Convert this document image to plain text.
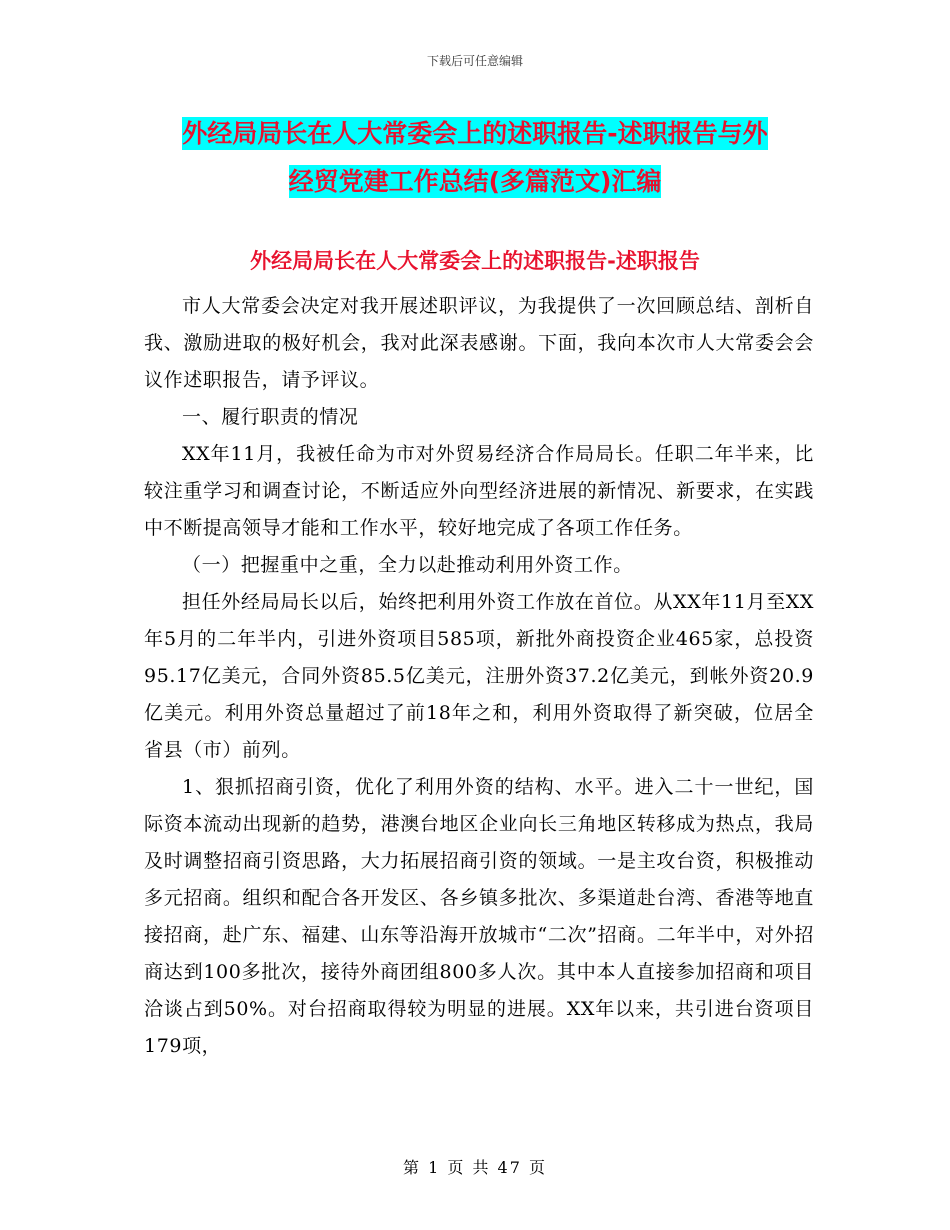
下载后可任意编辑
外经局局长在人大常委会上的述职报告-述职报告与外
经贸党建工作总结(多篇范文)汇编
外经局局长在人大常委会上的述职报告-述职报告

市人大常委会决定对我开展述职评议，为我提供了一次回顾总结、剖析自我、激励进取的极好机会，我对此深表感谢。下面，我向本次市人大常委会会议作述职报告，请予评议。

一、履行职责的情况

XX年11月，我被任命为市对外贸易经济合作局局长。任职二年半来，比较注重学习和调查讨论，不断适应外向型经济进展的新情况、新要求，在实践中不断提高领导才能和工作水平，较好地完成了各项工作任务。

（一）把握重中之重，全力以赴推动利用外资工作。

担任外经局局长以后，始终把利用外资工作放在首位。从XX年11月至XX年5月的二年半内，引进外资项目585项，新批外商投资企业465家，总投资95.17亿美元，合同外资85.5亿美元，注册外资37.2亿美元，到帐外资20.9亿美元。利用外资总量超过了前18年之和，利用外资取得了新突破，位居全省县（市）前列。

1、狠抓招商引资，优化了利用外资的结构、水平。进入二十一世纪，国际资本流动出现新的趋势，港澳台地区企业向长三角地区转移成为热点，我局及时调整招商引资思路，大力拓展招商引资的领域。一是主攻台资，积极推动多元招商。组织和配合各开发区、各乡镇多批次、多渠道赴台湾、香港等地直接招商，赴广东、福建、山东等沿海开放城市“二次”招商。二年半中，对外招商达到100多批次，接待外商团组800多人次。其中本人直接参加招商和项目洽谈占到50%。对台招商取得较为明显的进展。XX年以来，共引进台资项目179项，

第 1 页 共 47 页
